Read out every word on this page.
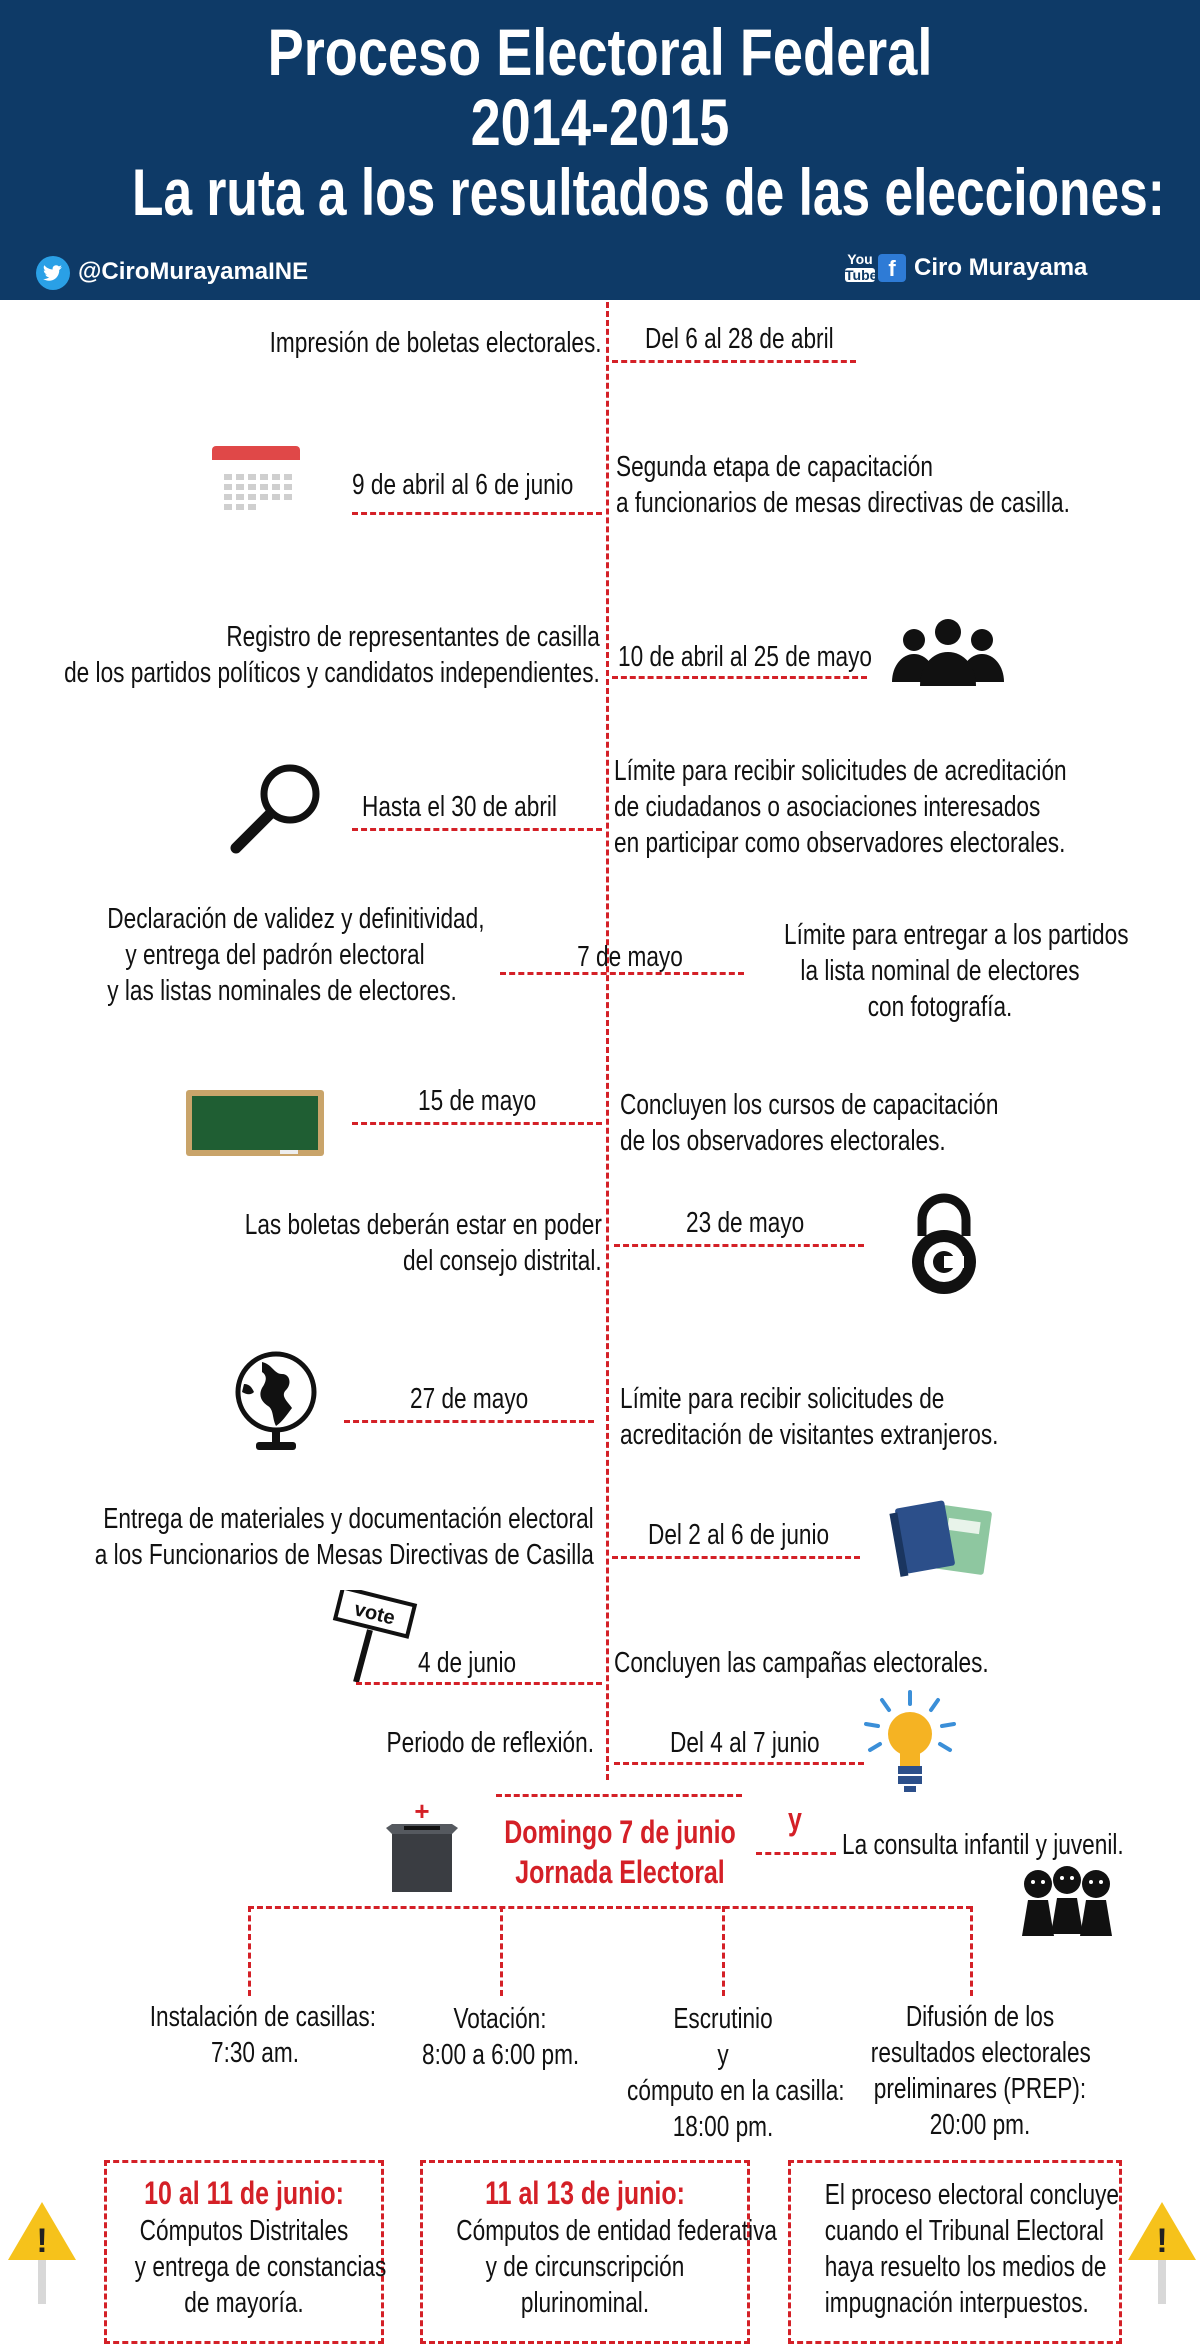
Proceso Electoral Federal
2014-2015
La ruta a los resultados de las elecciones:
@CiroMurayamaINE	You
Tube f Ciro Murayama
Impresión de boletas electorales. Del 6 al 28 de abril
9 de abril al 6 de junio
Segunda etapa de capacitación
a funcionarios de mesas directivas de casilla.
Registro de representantes de casilla
de los partidos políticos y candidatos independientes. 10 de abril al 25 de mayo
Hasta el 30 de abril
Límite para recibir solicitudes de acreditación
de ciudadanos o asociaciones interesados
en participar como observadores electorales.
Declaración de validez y definitividad,
y entrega del padrón electoral
y las listas nominales de electores.
7 de mayo
Límite para entregar a los partidos
la lista nominal de electores
con fotografía.
15 de mayo	Concluyen los cursos de capacitación
de los observadores electorales.
Las boletas deberán estar en poder
del consejo distrital.
23 de mayo
27 de mayo	Límite para recibir solicitudes de
acreditación de visitantes extranjeros.
Entrega de materiales y documentación electoral
a los Funcionarios de Mesas Directivas de Casilla
Del 2 al 6 de junio
vote
4 de junio	Concluyen las campañas electorales.
Periodo de reflexión.	Del 4 al 7 junio
+
Domingo 7 de junio
Jornada Electoral
y
La consulta infantil y juvenil.
Instalación de casillas:
7:30 am.
Votación:
8:00 a 6:00 pm.
Escrutinio
y
cómputo en la casilla:
18:00 pm.
Difusión de los
resultados electorales
preliminares (PREP):
20:00 pm.
10 al 11 de junio:
Cómputos Distritales
y entrega de constancias
de mayoría.
11 al 13 de junio:
Cómputos de entidad federativa
y de circunscripción
plurinominal.
El proceso electoral concluye
cuando el Tribunal Electoral
haya resuelto los medios de
impugnación interpuestos.
!	!
